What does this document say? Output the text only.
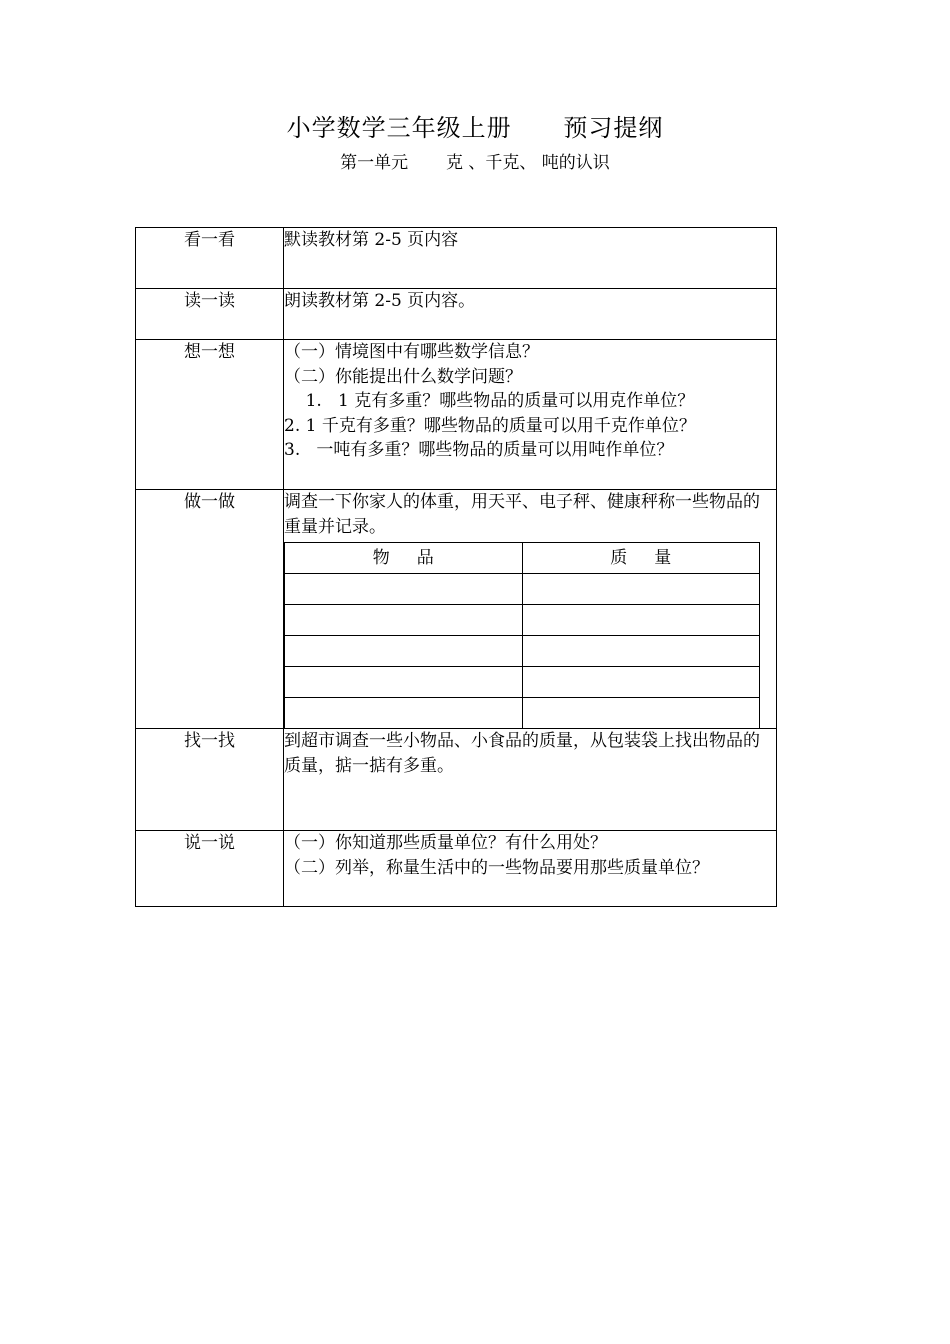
小学数学三年级上册      预习提纲
第一单元       克 、千克、 吨的认识
看一看	默读教材第 2-5 页内容

读一读	朗读教材第 2-5 页内容。

想一想	（一）情境图中有哪些数学信息？
（二）你能提出什么数学问题？
1.   1 克有多重？哪些物品的质量可以用克作单位？
2. 1 千克有多重？哪些物品的质量可以用千克作单位？
3.   一吨有多重？哪些物品的质量可以用吨作单位？

做一做	调查一下你家人的体重，用天平、电子秤、健康秤称一些物品的重量并记录。
物     品	质     量

找一找	到超市调查一些小物品、小食品的质量，从包装袋上找出物品的质量，掂一掂有多重。

说一说	（一）你知道那些质量单位？有什么用处？
（二）列举，称量生活中的一些物品要用那些质量单位？
